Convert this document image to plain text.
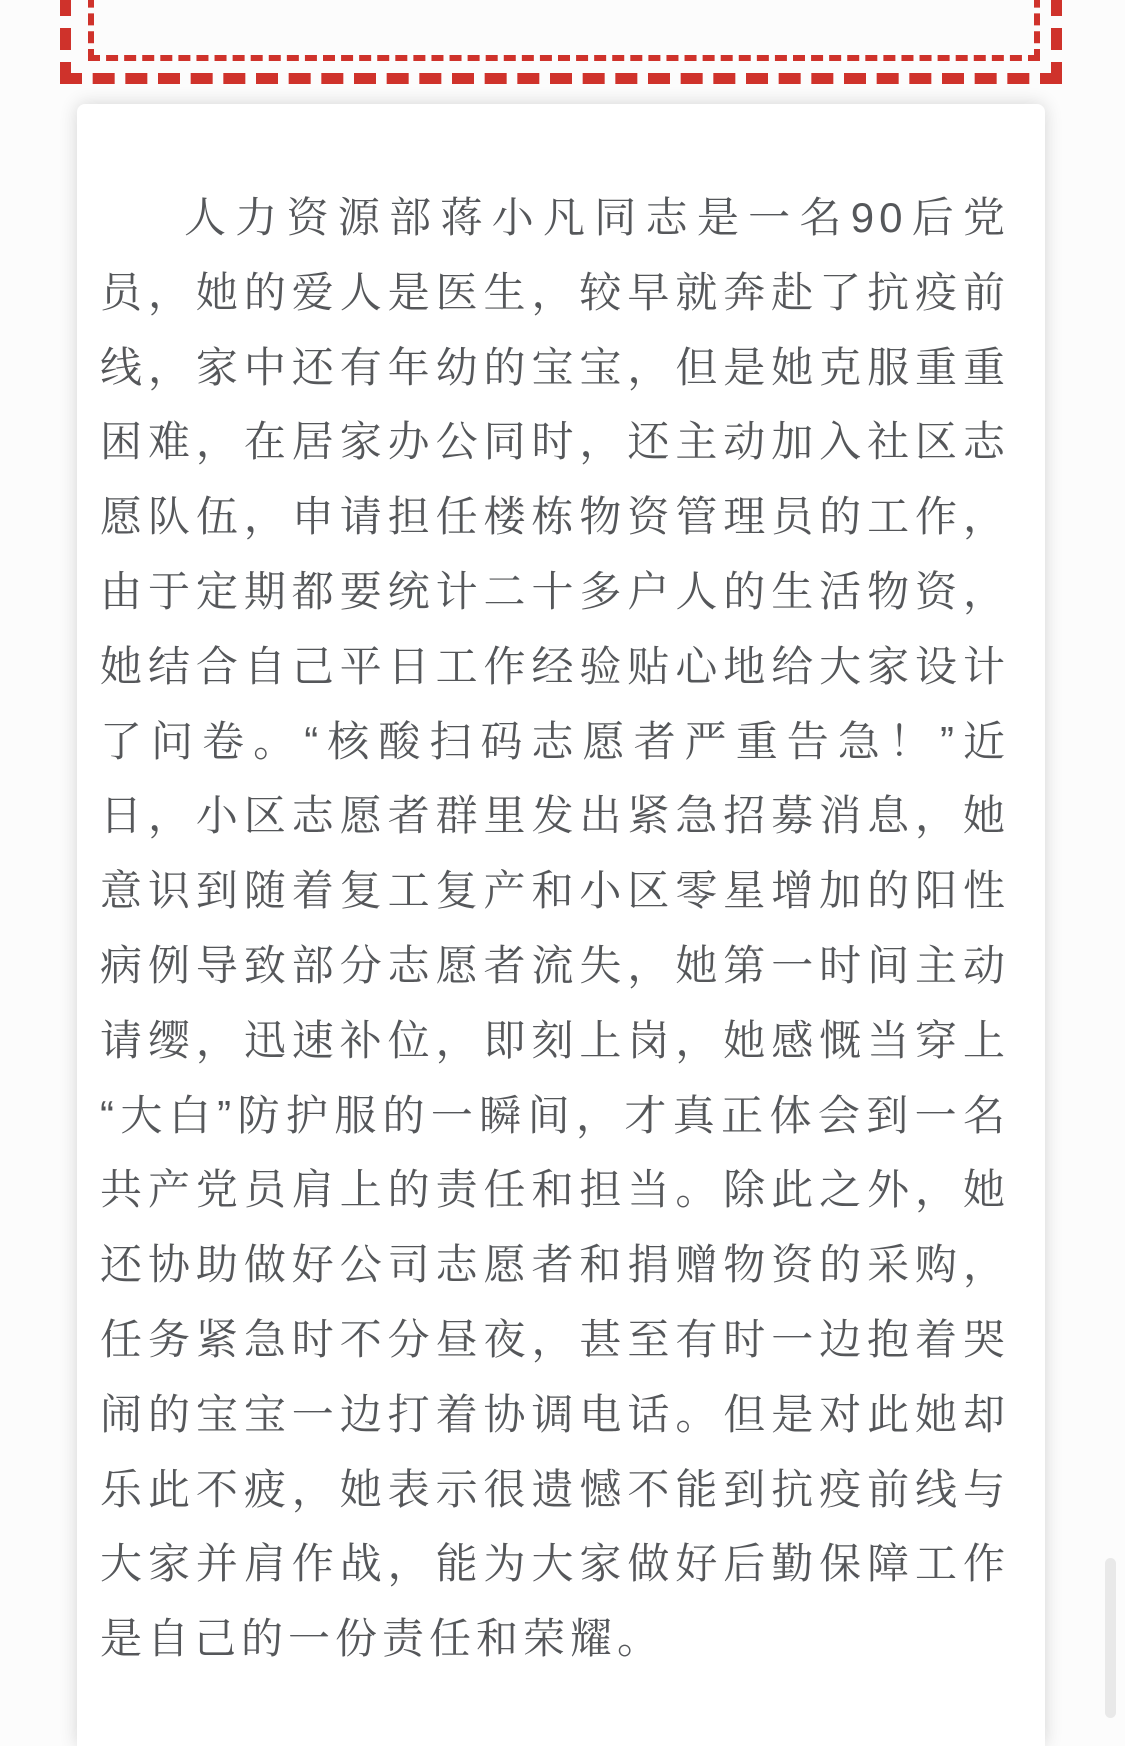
人力资源部蒋小凡同志是一名90后党
员，她的爱人是医生，较早就奔赴了抗疫前
线，家中还有年幼的宝宝，但是她克服重重
困难，在居家办公同时，还主动加入社区志
愿队伍，申请担任楼栋物资管理员的工作，
由于定期都要统计二十多户人的生活物资，
她结合自己平日工作经验贴心地给大家设计
了问卷。“核酸扫码志愿者严重告急！”近
日，小区志愿者群里发出紧急招募消息，她
意识到随着复工复产和小区零星增加的阳性
病例导致部分志愿者流失，她第一时间主动
请缨，迅速补位，即刻上岗，她感慨当穿上
“大白”防护服的一瞬间，才真正体会到一名
共产党员肩上的责任和担当。除此之外，她
还协助做好公司志愿者和捐赠物资的采购，
任务紧急时不分昼夜，甚至有时一边抱着哭
闹的宝宝一边打着协调电话。但是对此她却
乐此不疲，她表示很遗憾不能到抗疫前线与
大家并肩作战，能为大家做好后勤保障工作
是自己的一份责任和荣耀。
